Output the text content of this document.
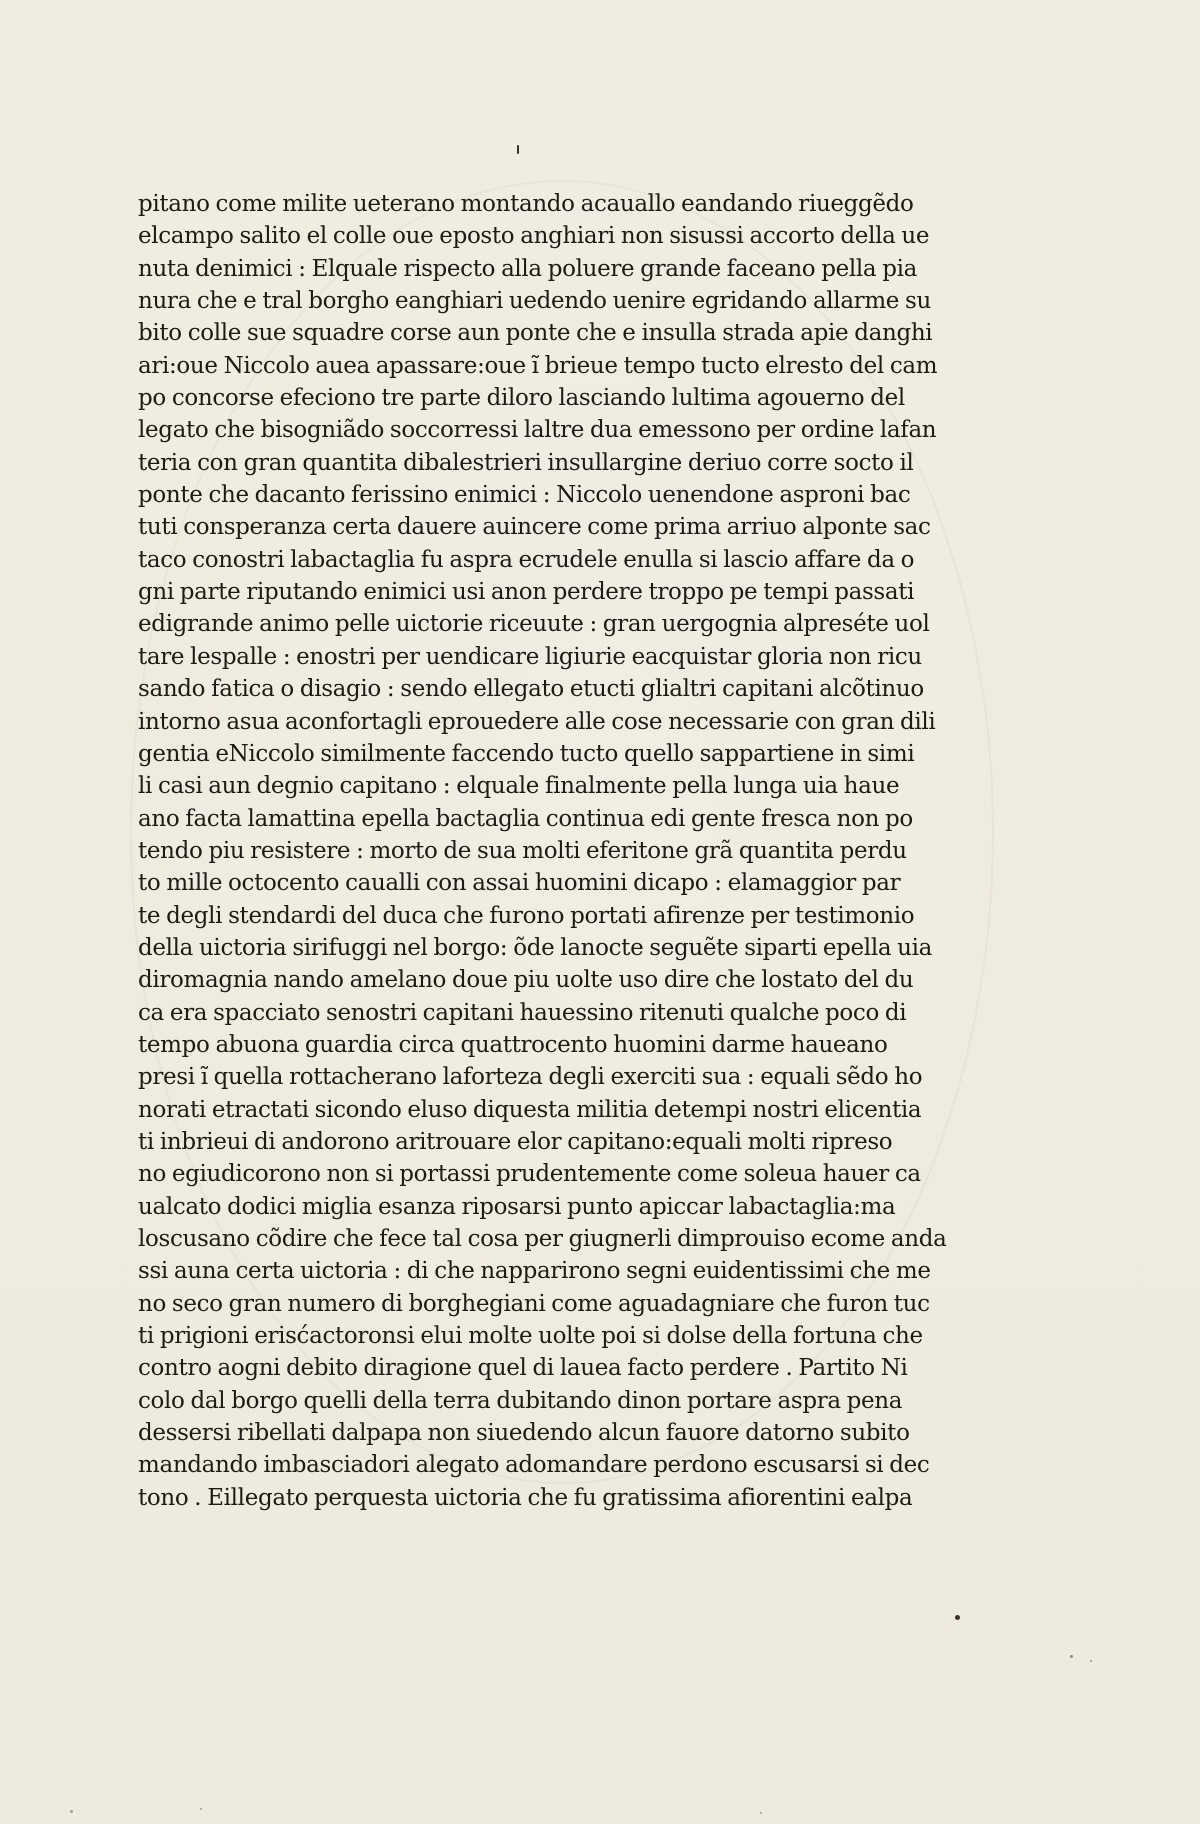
pitano come milite ueterano montando acauallo eandando riueggẽdo
elcampo salito el colle oue eposto anghiari non sisussi accorto della ue
nuta denimici : Elquale rispecto alla poluere grande faceano pella pia
nura che e tral borgho eanghiari uedendo uenire egridando allarme su
bito colle sue squadre corse aun ponte che e insulla strada apie danghi
ari:oue Niccolo auea apassare:oue ĩ brieue tempo tucto elresto del cam
po concorse efeciono tre parte diloro lasciando lultima agouerno del
legato che bisogniãdo soccorressi laltre dua emessono per ordine lafan
teria con gran quantita dibalestrieri insullargine deriuo corre socto il
ponte che dacanto ferissino enimici : Niccolo uenendone asproni bac
tuti consperanza certa dauere auincere come prima arriuo alponte sac
taco conostri labactaglia fu aspra ecrudele enulla si lascio affare da o
gni parte riputando enimici usi anon perdere troppo pe tempi passati
edigrande animo pelle uictorie riceuute : gran uergognia alpreséte uol
tare lespalle : enostri per uendicare ligiurie eacquistar gloria non ricu
sando fatica o disagio : sendo ellegato etucti glialtri capitani alcõtinuo
intorno asua aconfortagli eprouedere alle cose necessarie con gran dili
gentia eNiccolo similmente faccendo tucto quello sappartiene in simi
li casi aun degnio capitano : elquale finalmente pella lunga uia haue
ano facta lamattina epella bactaglia continua edi gente fresca non po
tendo piu resistere : morto de sua molti eferitone grã quantita perdu
to mille octocento caualli con assai huomini dicapo : elamaggior par
te degli stendardi del duca che furono portati afirenze per testimonio
della uictoria sirifuggi nel borgo: õde lanocte seguẽte siparti epella uia
diromagnia nando amelano doue piu uolte uso dire che lostato del du
ca era spacciato senostri capitani hauessino ritenuti qualche poco di
tempo abuona guardia circa quattrocento huomini darme haueano
presi ĩ quella rottacherano laforteza degli exerciti sua : equali sẽdo ho
norati etractati sicondo eluso diquesta militia detempi nostri elicentia
ti inbrieui di andorono aritrouare elor capitano:equali molti ripreso
no egiudicorono non si portassi prudentemente come soleua hauer ca
ualcato dodici miglia esanza riposarsi punto apiccar labactaglia:ma
loscusano cõdire che fece tal cosa per giugnerli dimprouiso ecome anda
ssi auna certa uictoria : di che napparirono segni euidentissimi che me
no seco gran numero di borghegiani come aguadagniare che furon tuc
ti prigioni erisćactoronsi elui molte uolte poi si dolse della fortuna che
contro aogni debito diragione quel di lauea facto perdere . Partito Ni
colo dal borgo quelli della terra dubitando dinon portare aspra pena
dessersi ribellati dalpapa non siuedendo alcun fauore datorno subito
mandando imbasciadori alegato adomandare perdono escusarsi si dec
tono . Eillegato perquesta uictoria che fu gratissima afiorentini ealpa
